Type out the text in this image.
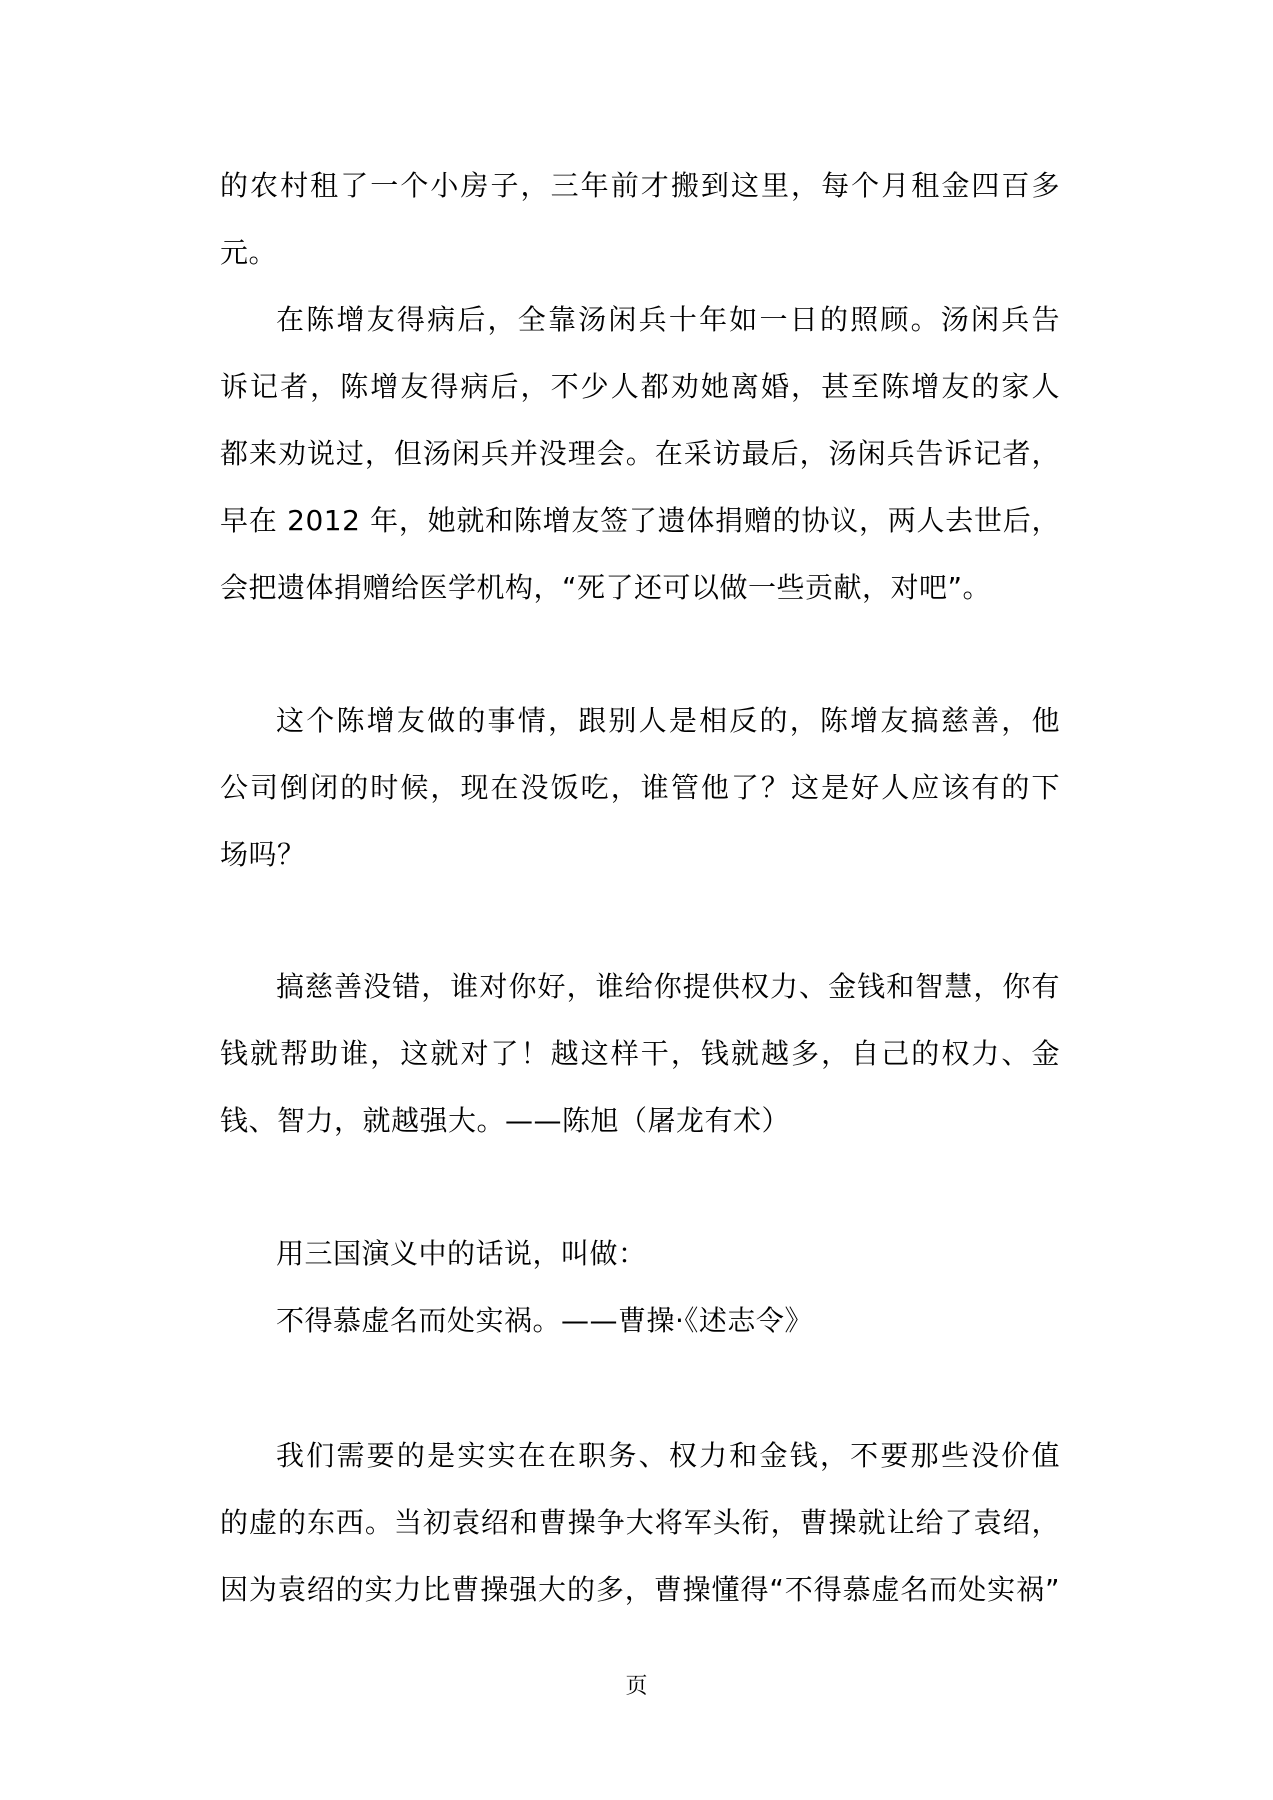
的农村租了一个小房子，三年前才搬到这里，每个月租金四百多
元。
在陈增友得病后，全靠汤闲兵十年如一日的照顾。汤闲兵告
诉记者，陈增友得病后，不少人都劝她离婚，甚至陈增友的家人
都来劝说过，但汤闲兵并没理会。在采访最后，汤闲兵告诉记者，
早在 2012 年，她就和陈增友签了遗体捐赠的协议，两人去世后，
会把遗体捐赠给医学机构，“死了还可以做一些贡献，对吧”。
这个陈增友做的事情，跟别人是相反的，陈增友搞慈善，他
公司倒闭的时候，现在没饭吃，谁管他了？这是好人应该有的下
场吗？
搞慈善没错，谁对你好，谁给你提供权力、金钱和智慧，你有
钱就帮助谁，这就对了！越这样干，钱就越多，自己的权力、金
钱、智力，就越强大。——陈旭（屠龙有术）
用三国演义中的话说，叫做：
不得慕虚名而处实祸。——曹操·《述志令》
我们需要的是实实在在职务、权力和金钱，不要那些没价值
的虚的东西。当初袁绍和曹操争大将军头衔，曹操就让给了袁绍，
因为袁绍的实力比曹操强大的多，曹操懂得“不得慕虚名而处实祸”
页
